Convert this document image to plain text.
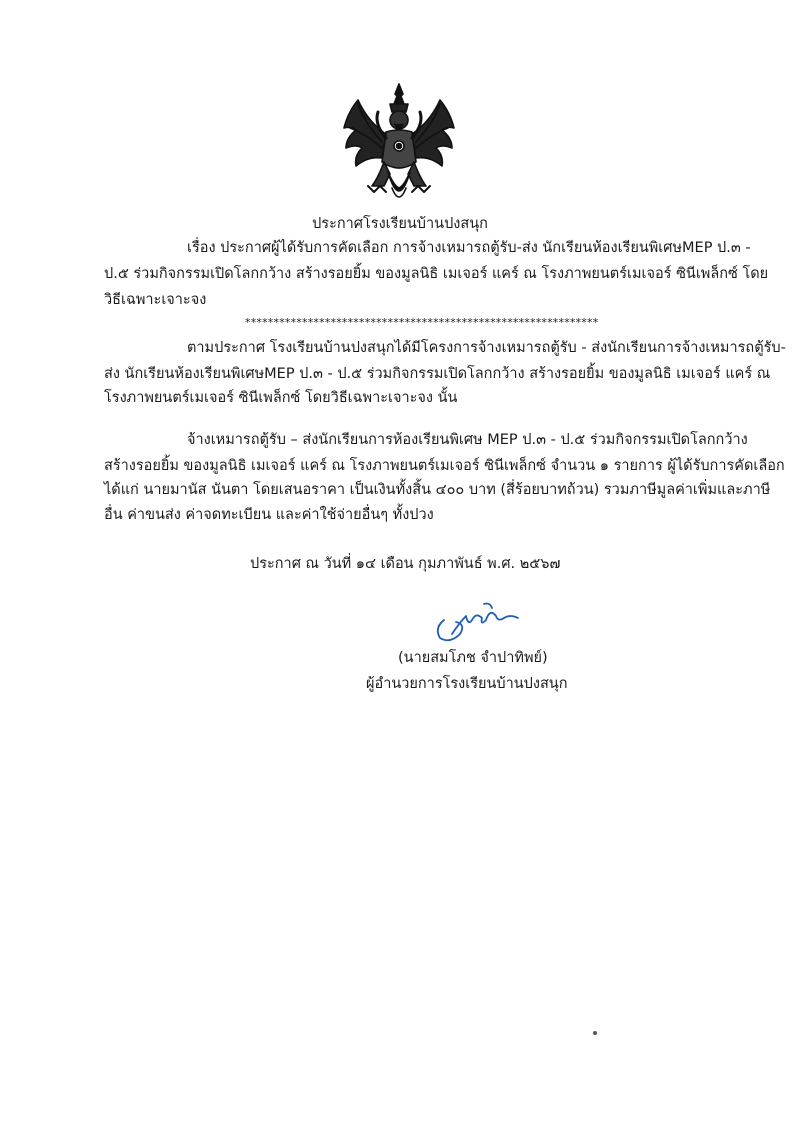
ประกาศโรงเรียนบ้านปงสนุก
เรื่อง ประกาศผู้ได้รับการคัดเลือก การจ้างเหมารถตู้รับ-ส่ง นักเรียนห้องเรียนพิเศษMEP ป.๓ -
ป.๕ ร่วมกิจกรรมเปิดโลกกว้าง สร้างรอยยิ้ม ของมูลนิธิ เมเจอร์ แคร์ ณ โรงภาพยนตร์เมเจอร์ ซินีเพล็กซ์ โดย
วิธีเฉพาะเจาะจง
**************************************************************
ตามประกาศ โรงเรียนบ้านปงสนุกได้มีโครงการจ้างเหมารถตู้รับ - ส่งนักเรียนการจ้างเหมารถตู้รับ-
ส่ง นักเรียนห้องเรียนพิเศษMEP ป.๓ - ป.๕ ร่วมกิจกรรมเปิดโลกกว้าง สร้างรอยยิ้ม ของมูลนิธิ เมเจอร์ แคร์ ณ
โรงภาพยนตร์เมเจอร์ ซินีเพล็กซ์ โดยวิธีเฉพาะเจาะจง นั้น
จ้างเหมารถตู้รับ – ส่งนักเรียนการห้องเรียนพิเศษ MEP ป.๓ - ป.๕ ร่วมกิจกรรมเปิดโลกกว้าง
สร้างรอยยิ้ม ของมูลนิธิ เมเจอร์ แคร์ ณ โรงภาพยนตร์เมเจอร์ ซินีเพล็กซ์ จำนวน ๑ รายการ ผู้ได้รับการคัดเลือก
ได้แก่ นายมานัส นันตา โดยเสนอราคา เป็นเงินทั้งสิ้น ๔๐๐ บาท (สี่ร้อยบาทถ้วน) รวมภาษีมูลค่าเพิ่มและภาษี
อื่น ค่าขนส่ง ค่าจดทะเบียน และค่าใช้จ่ายอื่นๆ ทั้งปวง
ประกาศ ณ วันที่ ๑๔ เดือน กุมภาพันธ์ พ.ศ. ๒๕๖๗
(นายสมโภช จำปาทิพย์)
ผู้อำนวยการโรงเรียนบ้านปงสนุก
